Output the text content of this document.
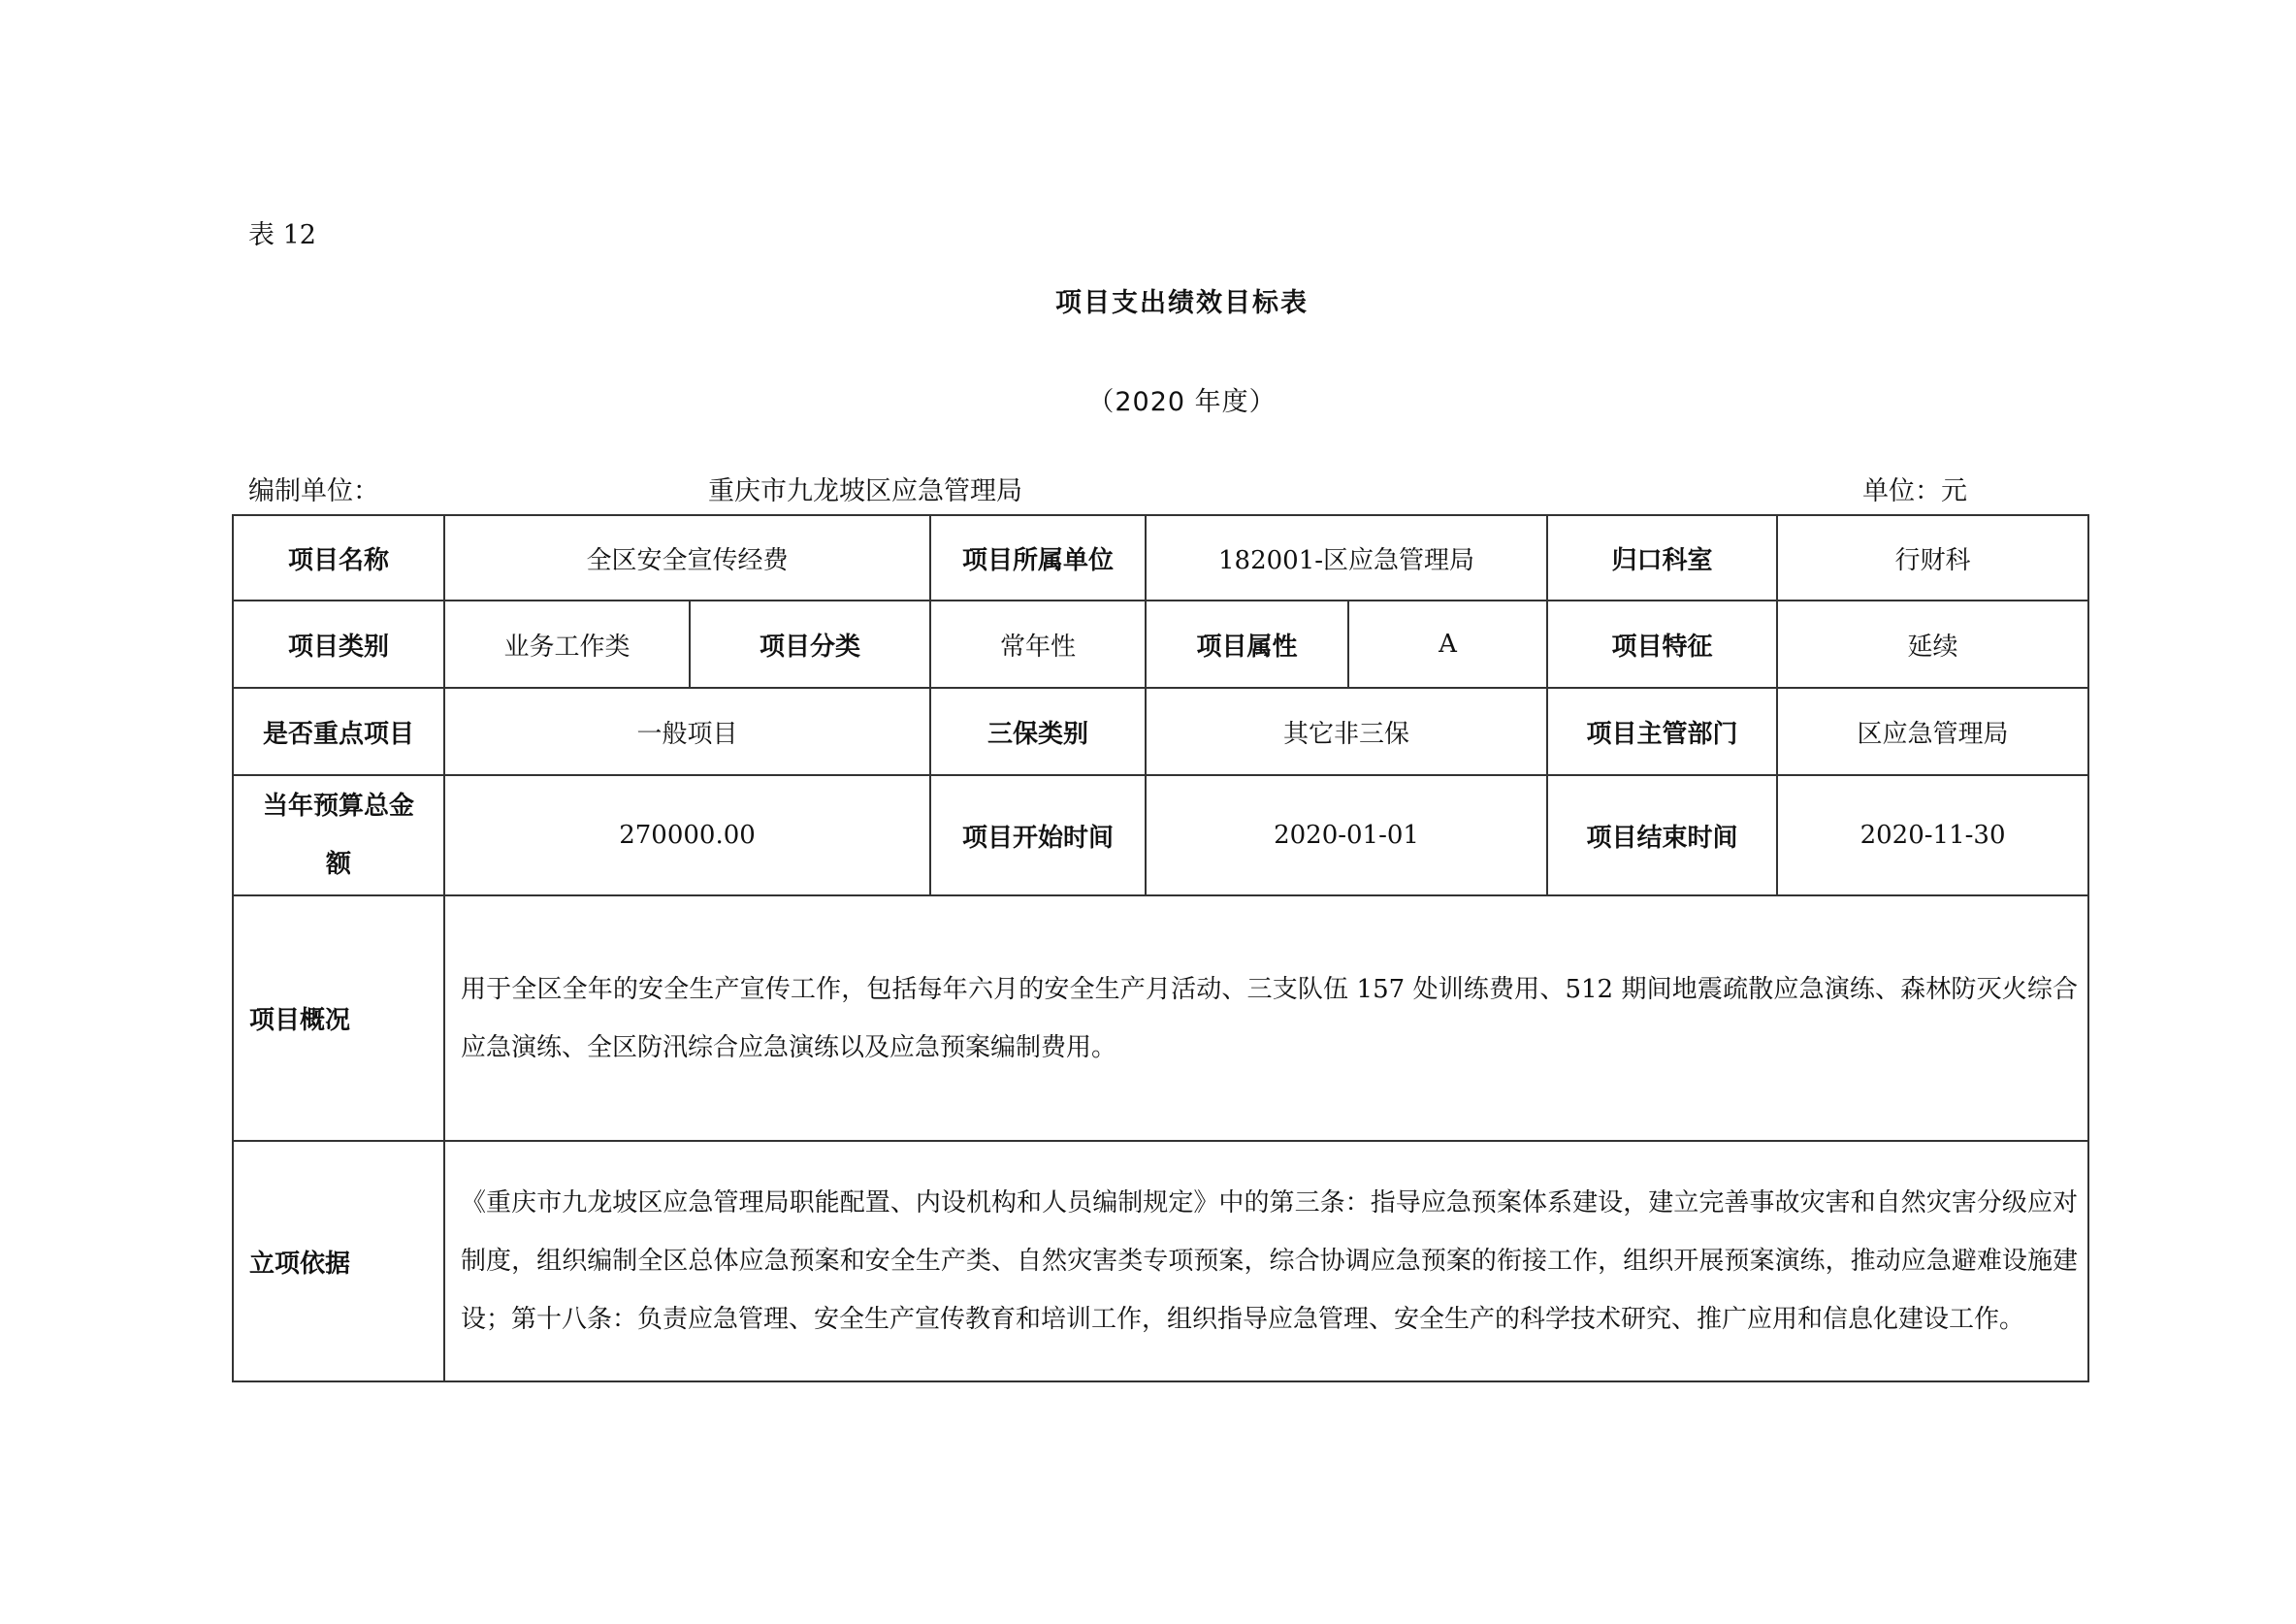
表 12
项目支出绩效目标表
（2020 年度）
编制单位：	重庆市九龙坡区应急管理局	单位：元
项目名称	全区安全宣传经费		项目所属单位	182001-区应急管理局		归口科室	行财科
项目类别	业务工作类	项目分类	常年性	项目属性	A	项目特征	延续
是否重点项目	一般项目		三保类别	其它非三保		项目主管部门	区应急管理局
当年预算总金
额	270000.00		项目开始时间	2020-01-01		项目结束时间	2020-11-30
项目概况	用于全区全年的安全生产宣传工作，包括每年六月的安全生产月活动、三支队伍 157 处训练费用、512 期间地震疏散应急演练、森林防灭火综合应急演练、全区防汛综合应急演练以及应急预案编制费用。						
立项依据	《重庆市九龙坡区应急管理局职能配置、内设机构和人员编制规定》中的第三条：指导应急预案体系建设，建立完善事故灾害和自然灾害分级应对制度，组织编制全区总体应急预案和安全生产类、自然灾害类专项预案，综合协调应急预案的衔接工作，组织开展预案演练，推动应急避难设施建设；第十八条：负责应急管理、安全生产宣传教育和培训工作，组织指导应急管理、安全生产的科学技术研究、推广应用和信息化建设工作。						
